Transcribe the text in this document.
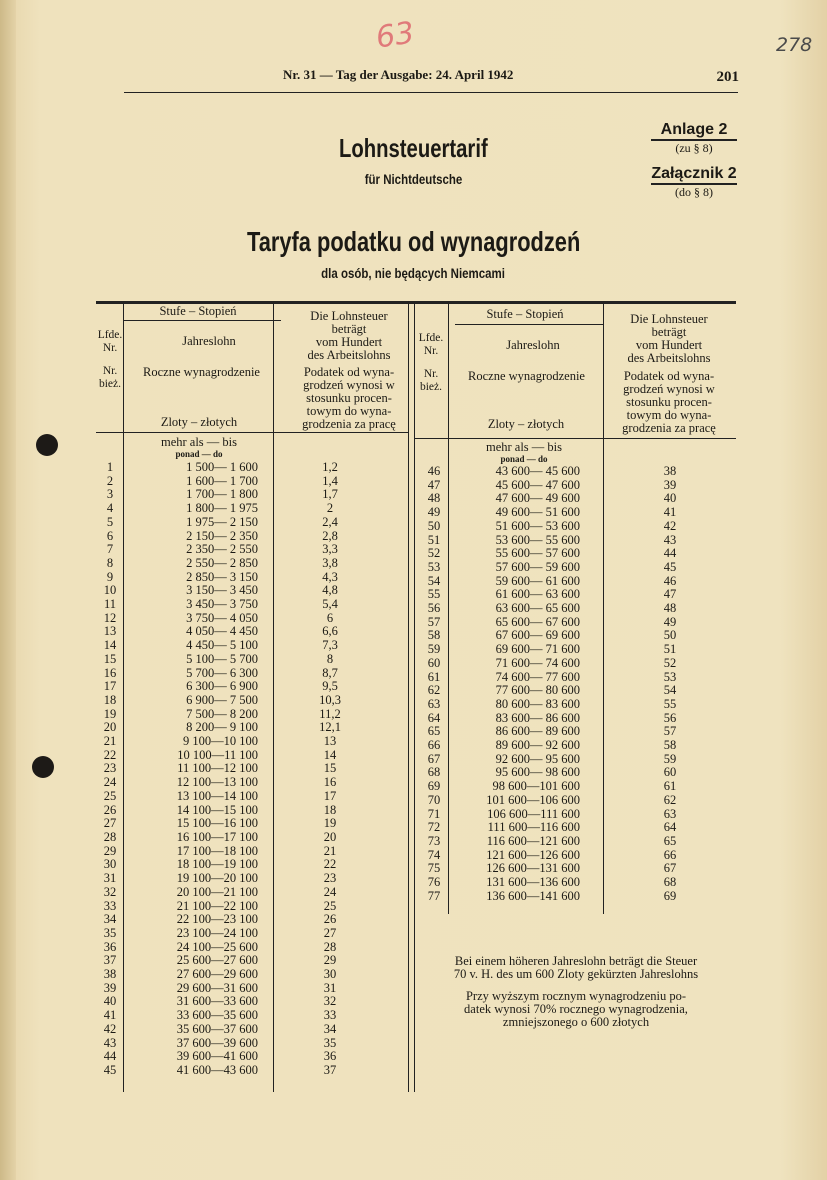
63	278
Nr. 31 — Tag der Ausgabe: 24. April 1942	201
Lohnsteuertarif
für Nichtdeutsche
Taryfa podatku od wynagrodzeń
dla osób, nie będących Niemcami
Anlage 2
(zu § 8)
Załącznik 2
(do § 8)
Stufe – Stopień
Lfde.
Nr.
Nr.
bież.
Jahreslohn
Roczne wynagrodzenie
Zloty – złotych
Die Lohnsteuer
beträgt
vom Hundert
des Arbeitslohns
Podatek od wyna-
grodzeń wynosi w
stosunku procen-
towym do wyna-
grodzenia za pracę
mehr als — bis
ponad — do
Stufe – Stopień
Lfde.
Nr.
Nr.
bież.
Jahreslohn
Roczne wynagrodzenie
Zloty – złotych
Die Lohnsteuer
beträgt
vom Hundert
des Arbeitslohns
Podatek od wyna-
grodzeń wynosi w
stosunku procen-
towym do wyna-
grodzenia za pracę
mehr als — bis
ponad — do
1
2
3
4
5
6
7
8
9
10
11
12
13
14
15
16
17
18
19
20
21
22
23
24
25
26
27
28
29
30
31
32
33
34
35
36
37
38
39
40
41
42
43
44
45
1 500— 1 600
1 600— 1 700
1 700— 1 800
1 800— 1 975
1 975— 2 150
2 150— 2 350
2 350— 2 550
2 550— 2 850
2 850— 3 150
3 150— 3 450
3 450— 3 750
3 750— 4 050
4 050— 4 450
4 450— 5 100
5 100— 5 700
5 700— 6 300
6 300— 6 900
6 900— 7 500
7 500— 8 200
8 200— 9 100
9 100—10 100
10 100—11 100
11 100—12 100
12 100—13 100
13 100—14 100
14 100—15 100
15 100—16 100
16 100—17 100
17 100—18 100
18 100—19 100
19 100—20 100
20 100—21 100
21 100—22 100
22 100—23 100
23 100—24 100
24 100—25 600
25 600—27 600
27 600—29 600
29 600—31 600
31 600—33 600
33 600—35 600
35 600—37 600
37 600—39 600
39 600—41 600
41 600—43 600
1,2
1,4
1,7
2
2,4
2,8
3,3
3,8
4,3
4,8
5,4
6
6,6
7,3
8
8,7
9,5
10,3
11,2
12,1
13
14
15
16
17
18
19
20
21
22
23
24
25
26
27
28
29
30
31
32
33
34
35
36
37
46
47
48
49
50
51
52
53
54
55
56
57
58
59
60
61
62
63
64
65
66
67
68
69
70
71
72
73
74
75
76
77
43 600— 45 600
45 600— 47 600
47 600— 49 600
49 600— 51 600
51 600— 53 600
53 600— 55 600
55 600— 57 600
57 600— 59 600
59 600— 61 600
61 600— 63 600
63 600— 65 600
65 600— 67 600
67 600— 69 600
69 600— 71 600
71 600— 74 600
74 600— 77 600
77 600— 80 600
80 600— 83 600
83 600— 86 600
86 600— 89 600
89 600— 92 600
92 600— 95 600
95 600— 98 600
98 600—101 600
101 600—106 600
106 600—111 600
111 600—116 600
116 600—121 600
121 600—126 600
126 600—131 600
131 600—136 600
136 600—141 600
38
39
40
41
42
43
44
45
46
47
48
49
50
51
52
53
54
55
56
57
58
59
60
61
62
63
64
65
66
67
68
69
Bei einem höheren Jahreslohn beträgt die Steuer
70 v. H. des um 600 Zloty gekürzten Jahreslohns
Przy wyższym rocznym wynagrodzeniu po-
datek wynosi 70% rocznego wynagrodzenia,
zmniejszonego o 600 złotych
